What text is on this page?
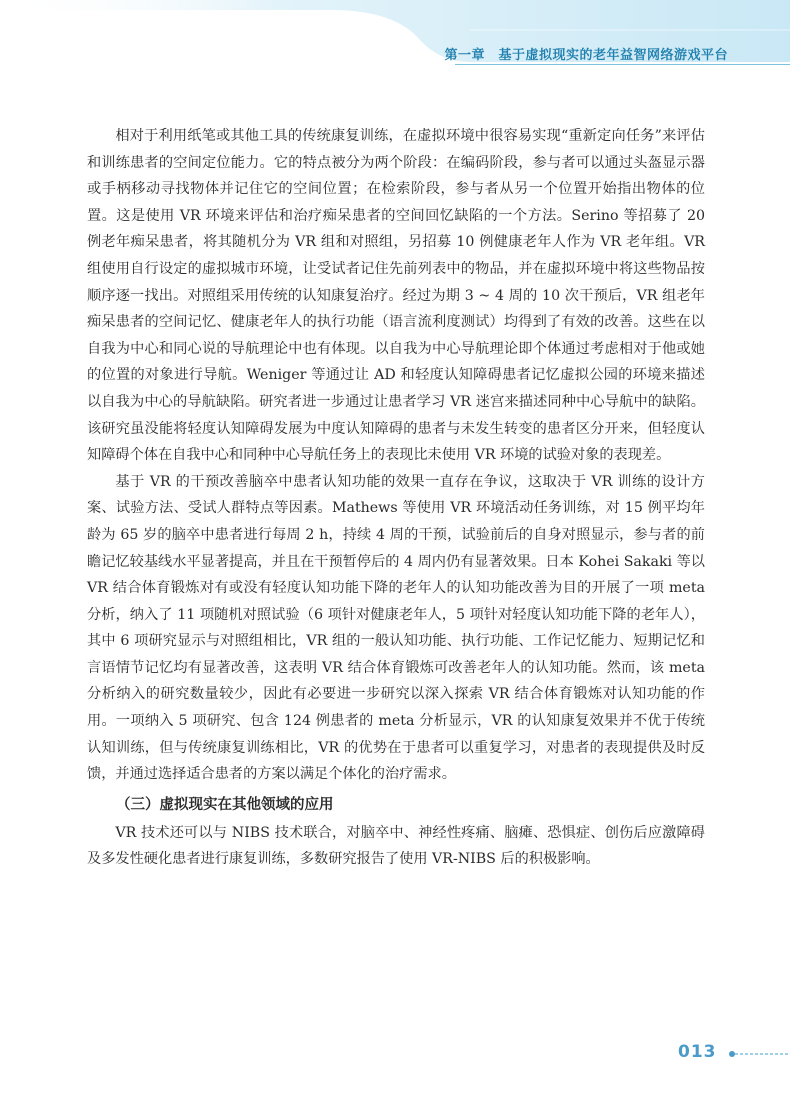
第一章　基于虚拟现实的老年益智网络游戏平台

相对于利用纸笔或其他工具的传统康复训练，在虚拟环境中很容易实现“重新定向任务”来评估和训练患者的空间定位能力。它的特点被分为两个阶段：在编码阶段，参与者可以通过头盔显示器或手柄移动寻找物体并记住它的空间位置；在检索阶段，参与者从另一个位置开始指出物体的位置。这是使用 VR 环境来评估和治疗痴呆患者的空间回忆缺陷的一个方法。Serino 等招募了 20 例老年痴呆患者，将其随机分为 VR 组和对照组，另招募 10 例健康老年人作为 VR 老年组。VR 组使用自行设定的虚拟城市环境，让受试者记住先前列表中的物品，并在虚拟环境中将这些物品按顺序逐一找出。对照组采用传统的认知康复治疗。经过为期 3 ~ 4 周的 10 次干预后，VR 组老年痴呆患者的空间记忆、健康老年人的执行功能（语言流利度测试）均得到了有效的改善。这些在以自我为中心和同心说的导航理论中也有体现。以自我为中心导航理论即个体通过考虑相对于他或她的位置的对象进行导航。Weniger 等通过让 AD 和轻度认知障碍患者记忆虚拟公园的环境来描述以自我为中心的导航缺陷。研究者进一步通过让患者学习 VR 迷宫来描述同种中心导航中的缺陷。该研究虽没能将轻度认知障碍发展为中度认知障碍的患者与未发生转变的患者区分开来，但轻度认知障碍个体在自我中心和同种中心导航任务上的表现比未使用 VR 环境的试验对象的表现差。

基于 VR 的干预改善脑卒中患者认知功能的效果一直存在争议，这取决于 VR 训练的设计方案、试验方法、受试人群特点等因素。Mathews 等使用 VR 环境活动任务训练，对 15 例平均年龄为 65 岁的脑卒中患者进行每周 2 h，持续 4 周的干预，试验前后的自身对照显示，参与者的前瞻记忆较基线水平显著提高，并且在干预暂停后的 4 周内仍有显著效果。日本 Kohei Sakaki 等以 VR 结合体育锻炼对有或没有轻度认知功能下降的老年人的认知功能改善为目的开展了一项 meta 分析，纳入了 11 项随机对照试验（6 项针对健康老年人，5 项针对轻度认知功能下降的老年人），其中 6 项研究显示与对照组相比，VR 组的一般认知功能、执行功能、工作记忆能力、短期记忆和言语情节记忆均有显著改善，这表明 VR 结合体育锻炼可改善老年人的认知功能。然而，该 meta 分析纳入的研究数量较少，因此有必要进一步研究以深入探索 VR 结合体育锻炼对认知功能的作用。一项纳入 5 项研究、包含 124 例患者的 meta 分析显示，VR 的认知康复效果并不优于传统认知训练，但与传统康复训练相比，VR 的优势在于患者可以重复学习，对患者的表现提供及时反馈，并通过选择适合患者的方案以满足个体化的治疗需求。

（三）虚拟现实在其他领域的应用

VR 技术还可以与 NIBS 技术联合，对脑卒中、神经性疼痛、脑瘫、恐惧症、创伤后应激障碍及多发性硬化患者进行康复训练，多数研究报告了使用 VR-NIBS 后的积极影响。

013
